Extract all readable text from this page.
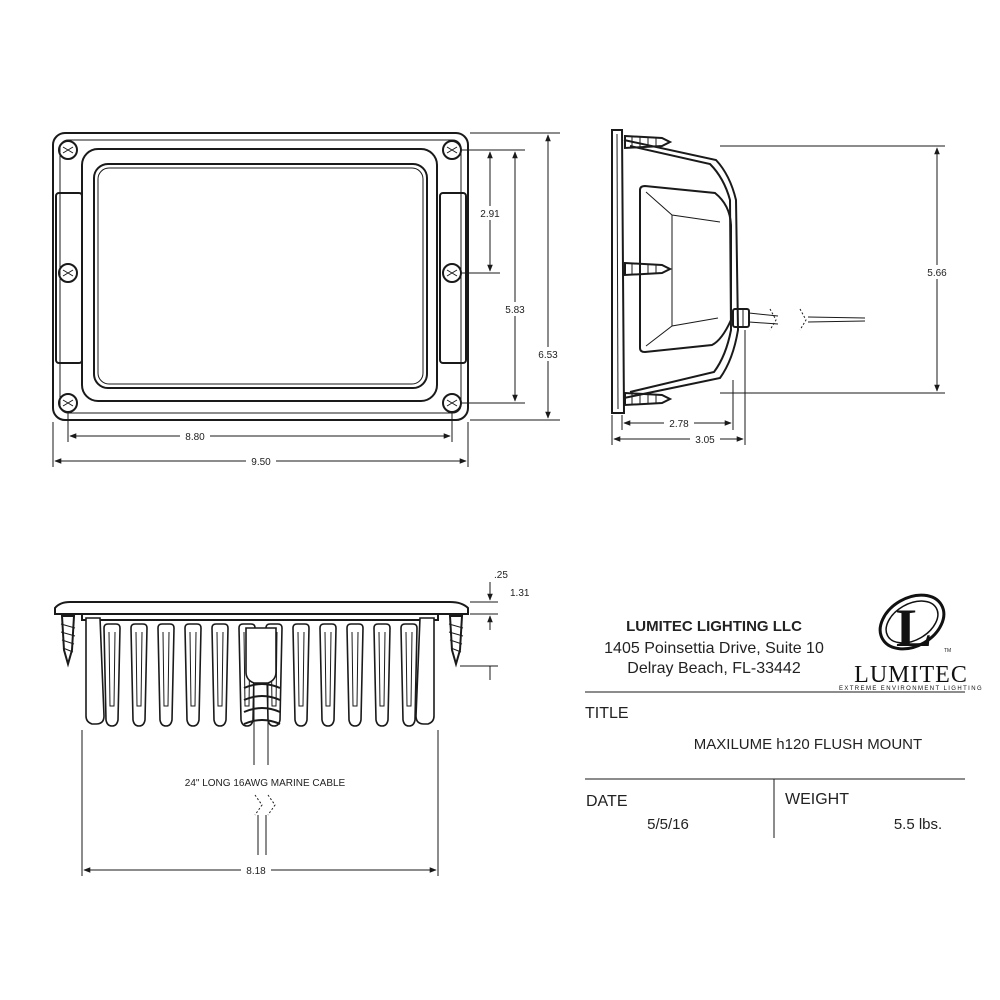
2.91
5.83
6.53
8.80
9.50
5.66
2.78
3.05
24" LONG 16AWG MARINE CABLE
.25
1.31
8.18
LUMITEC LIGHTING LLC
1405 Poinsettia Drive, Suite 10
Delray Beach, FL-33442
L TM
LUMITEC
EXTREME ENVIRONMENT LIGHTING
TITLE
MAXILUME h120 FLUSH MOUNT
DATE
5/5/16
WEIGHT
5.5 lbs.
